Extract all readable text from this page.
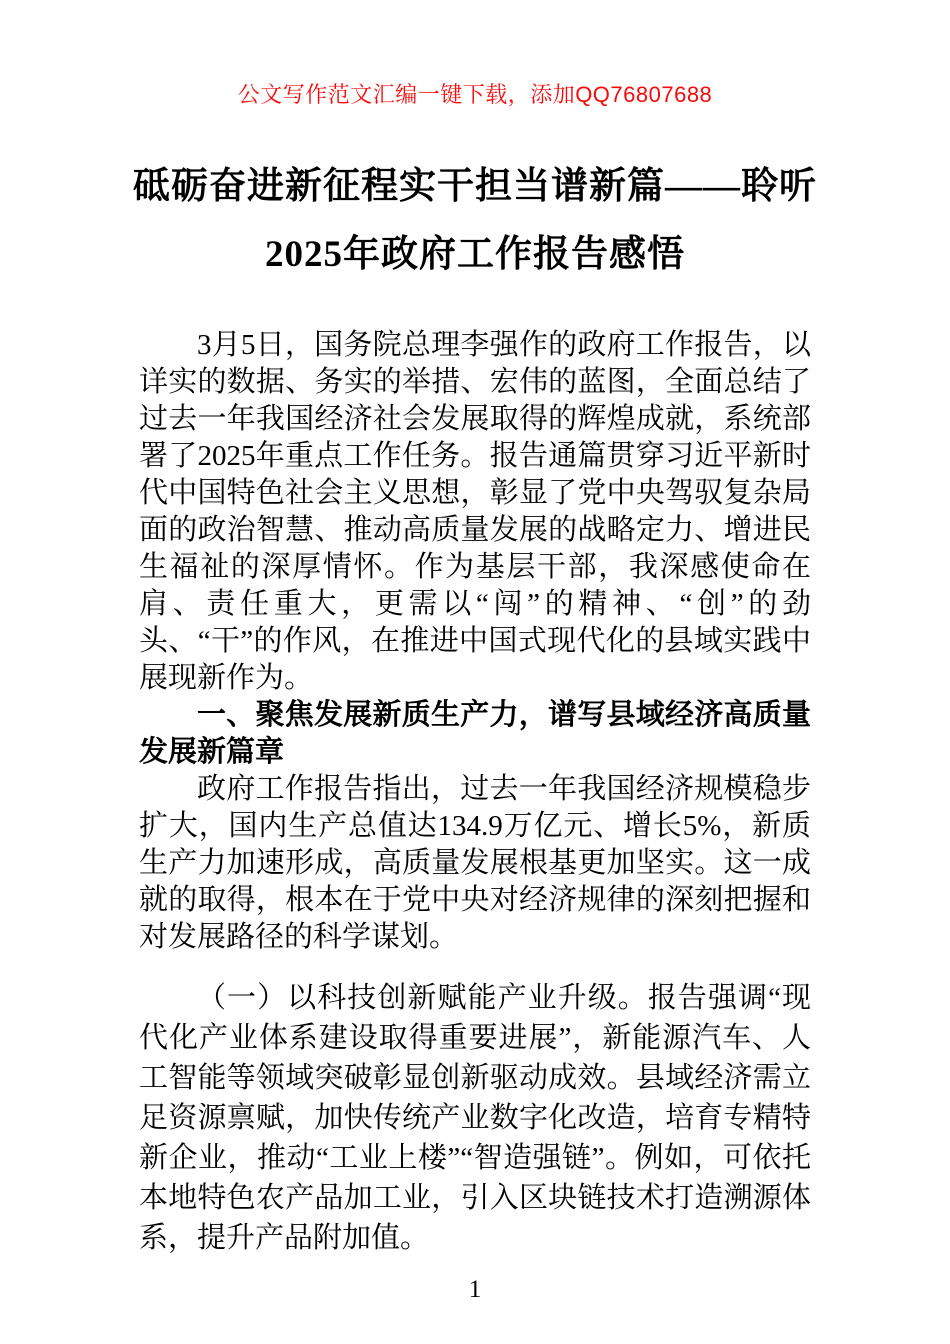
公文写作范文汇编一键下载，添加QQ76807688
砥砺奋进新征程实干担当谱新篇——聆听
2025年政府工作报告感悟

3月5日，国务院总理李强作的政府工作报告，以详实的数据、务实的举措、宏伟的蓝图，全面总结了过去一年我国经济社会发展取得的辉煌成就，系统部署了2025年重点工作任务。报告通篇贯穿习近平新时代中国特色社会主义思想，彰显了党中央驾驭复杂局面的政治智慧、推动高质量发展的战略定力、增进民生福祉的深厚情怀。作为基层干部，我深感使命在肩、责任重大，更需以“闯”的精神、“创”的劲头、“干”的作风，在推进中国式现代化的县域实践中展现新作为。

一、聚焦发展新质生产力，谱写县域经济高质量发展新篇章

政府工作报告指出，过去一年我国经济规模稳步扩大，国内生产总值达134.9万亿元、增长5%，新质生产力加速形成，高质量发展根基更加坚实。这一成就的取得，根本在于党中央对经济规律的深刻把握和对发展路径的科学谋划。

（一）以科技创新赋能产业升级。报告强调“现代化产业体系建设取得重要进展”，新能源汽车、人工智能等领域突破彰显创新驱动成效。县域经济需立足资源禀赋，加快传统产业数字化改造，培育专精特新企业，推动“工业上楼”“智造强链”。例如，可依托本地特色农产品加工业，引入区块链技术打造溯源体系，提升产品附加值。

1
